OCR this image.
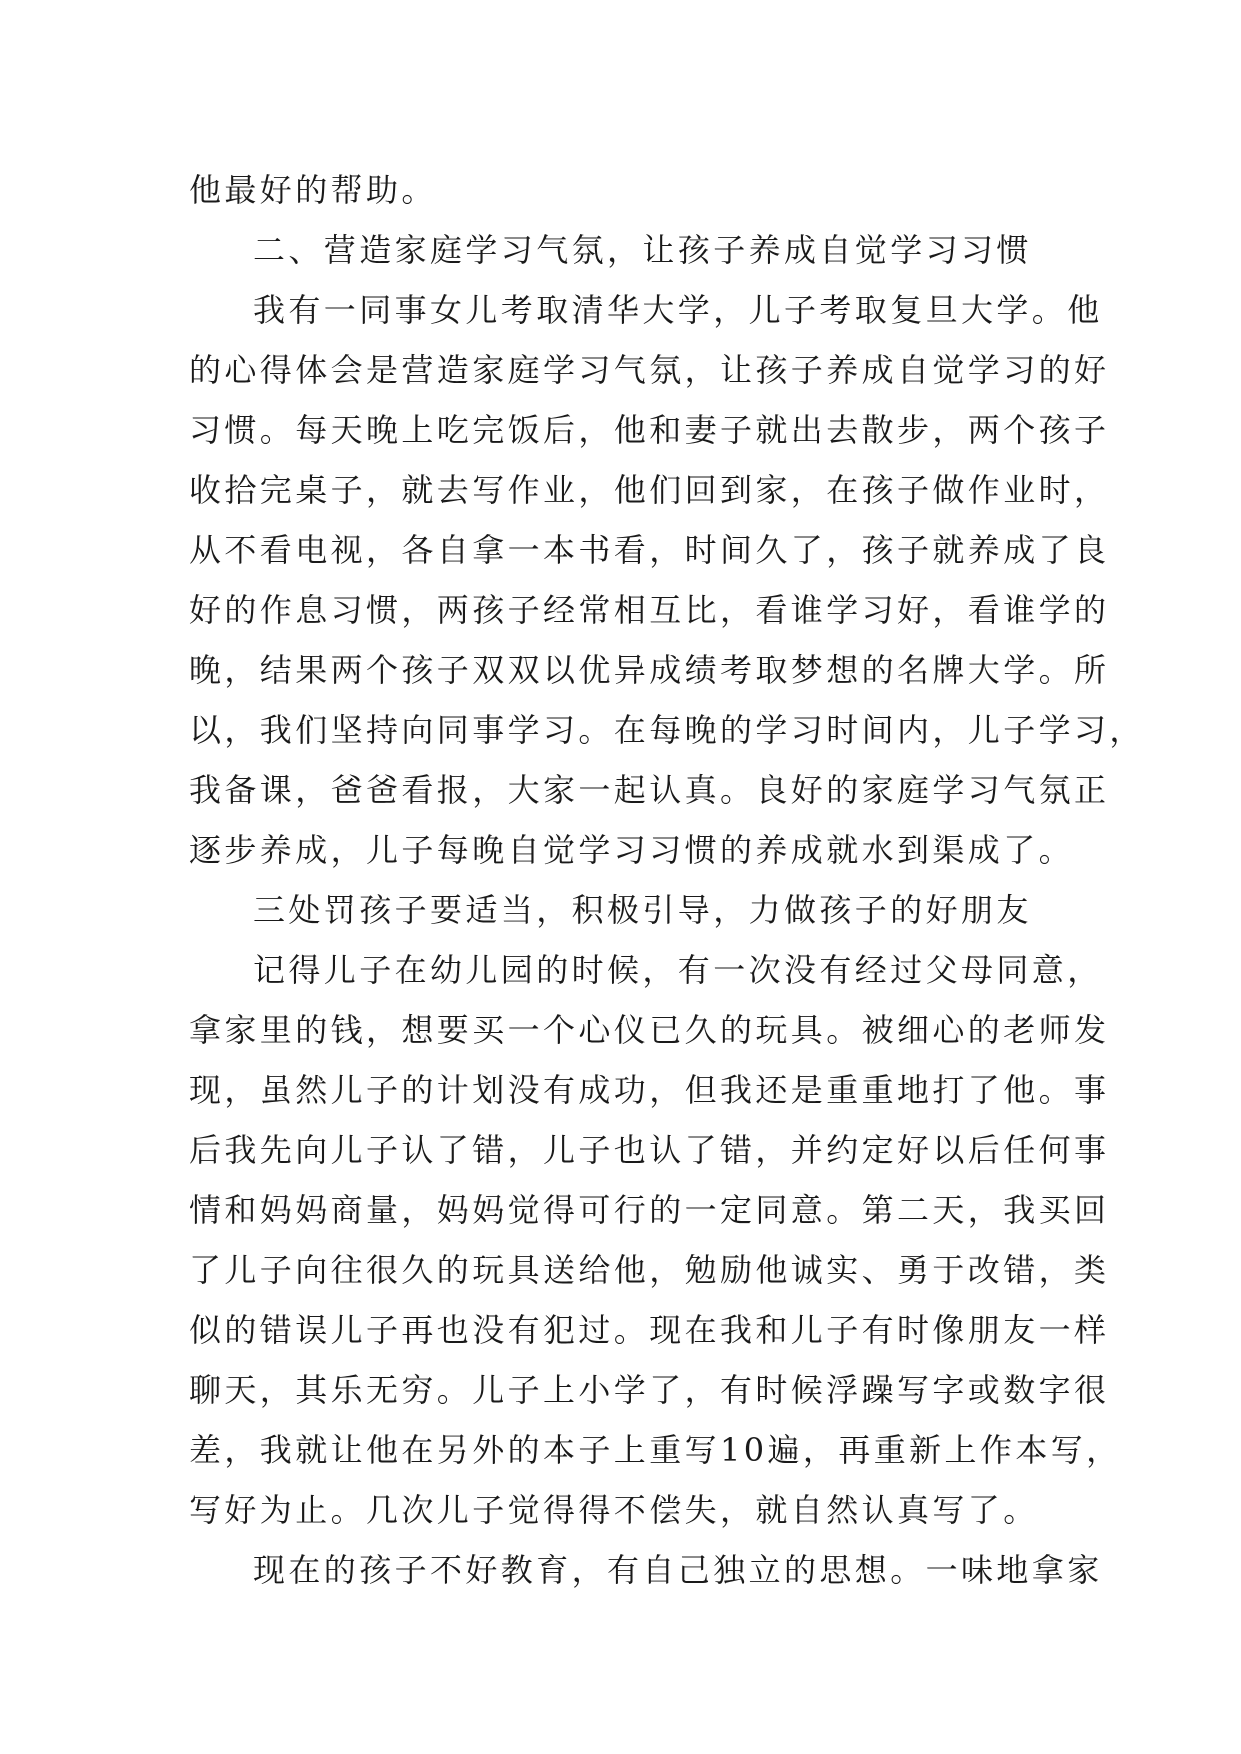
他最好的帮助。
二、营造家庭学习气氛，让孩子养成自觉学习习惯
我有一同事女儿考取清华大学，儿子考取复旦大学。他
的心得体会是营造家庭学习气氛，让孩子养成自觉学习的好
习惯。每天晚上吃完饭后，他和妻子就出去散步，两个孩子
收拾完桌子，就去写作业，他们回到家，在孩子做作业时，
从不看电视，各自拿一本书看，时间久了，孩子就养成了良
好的作息习惯，两孩子经常相互比，看谁学习好，看谁学的
晚，结果两个孩子双双以优异成绩考取梦想的名牌大学。所
以，我们坚持向同事学习。在每晚的学习时间内，儿子学习，
我备课，爸爸看报，大家一起认真。良好的家庭学习气氛正
逐步养成，儿子每晚自觉学习习惯的养成就水到渠成了。
三处罚孩子要适当，积极引导，力做孩子的好朋友
记得儿子在幼儿园的时候，有一次没有经过父母同意，
拿家里的钱，想要买一个心仪已久的玩具。被细心的老师发
现，虽然儿子的计划没有成功，但我还是重重地打了他。事
后我先向儿子认了错，儿子也认了错，并约定好以后任何事
情和妈妈商量，妈妈觉得可行的一定同意。第二天，我买回
了儿子向往很久的玩具送给他，勉励他诚实、勇于改错，类
似的错误儿子再也没有犯过。现在我和儿子有时像朋友一样
聊天，其乐无穷。儿子上小学了，有时候浮躁写字或数字很
差，我就让他在另外的本子上重写10遍，再重新上作本写，
写好为止。几次儿子觉得得不偿失，就自然认真写了。
现在的孩子不好教育，有自己独立的思想。一味地拿家
